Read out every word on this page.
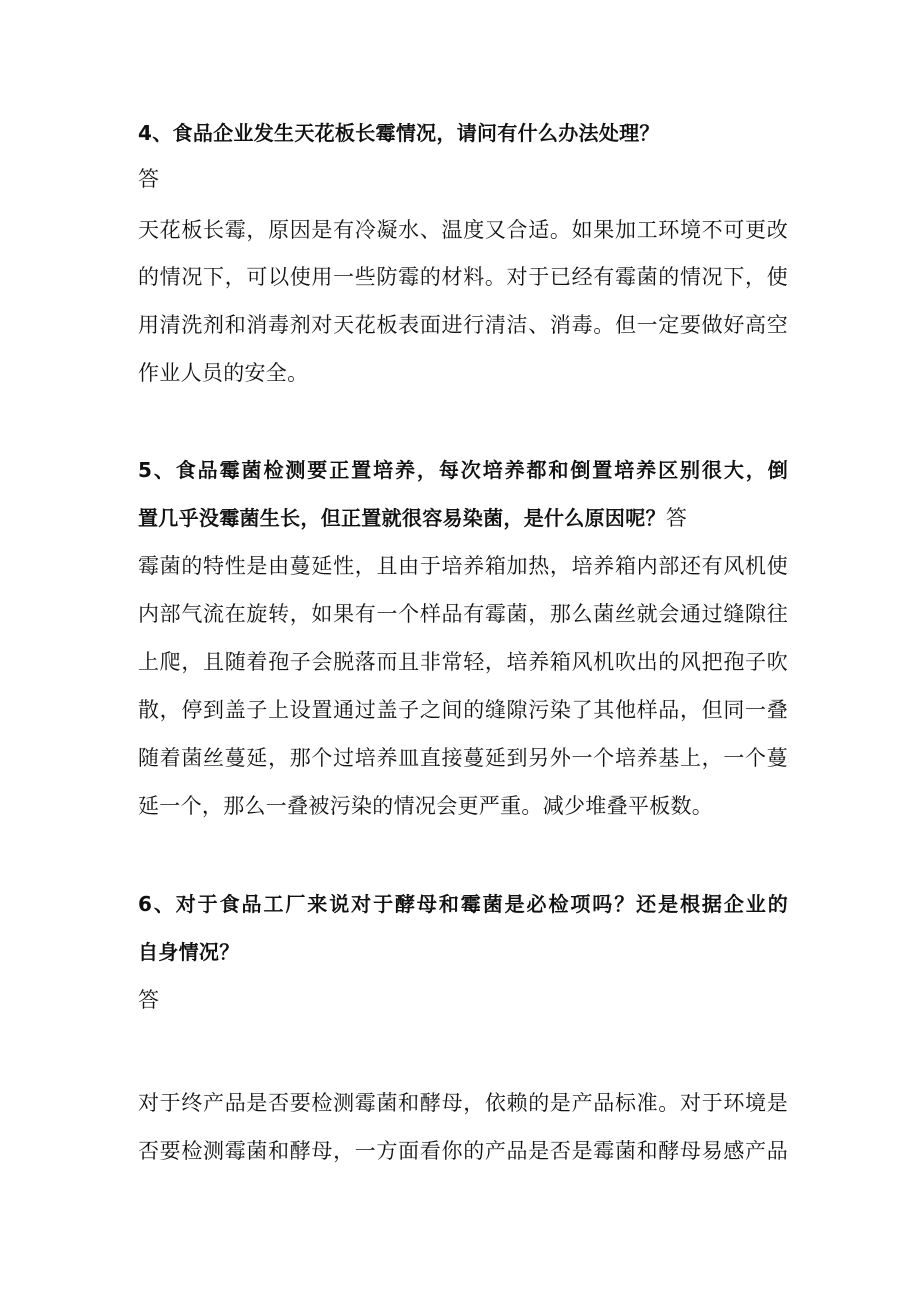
4、食品企业发生天花板长霉情况，请问有什么办法处理？
答
天花板长霉，原因是有冷凝水、温度又合适。如果加工环境不可更改
的情况下，可以使用一些防霉的材料。对于已经有霉菌的情况下，使
用清洗剂和消毒剂对天花板表面进行清洁、消毒。但一定要做好高空
作业人员的安全。
5、食品霉菌检测要正置培养，每次培养都和倒置培养区别很大，倒
置几乎没霉菌生长，但正置就很容易染菌，是什么原因呢？答
霉菌的特性是由蔓延性，且由于培养箱加热，培养箱内部还有风机使
内部气流在旋转，如果有一个样品有霉菌，那么菌丝就会通过缝隙往
上爬，且随着孢子会脱落而且非常轻，培养箱风机吹出的风把孢子吹
散，停到盖子上设置通过盖子之间的缝隙污染了其他样品，但同一叠
随着菌丝蔓延，那个过培养皿直接蔓延到另外一个培养基上，一个蔓
延一个，那么一叠被污染的情况会更严重。减少堆叠平板数。
6、对于食品工厂来说对于酵母和霉菌是必检项吗？还是根据企业的
自身情况？
答
对于终产品是否要检测霉菌和酵母，依赖的是产品标准。对于环境是
否要检测霉菌和酵母，一方面看你的产品是否是霉菌和酵母易感产品
